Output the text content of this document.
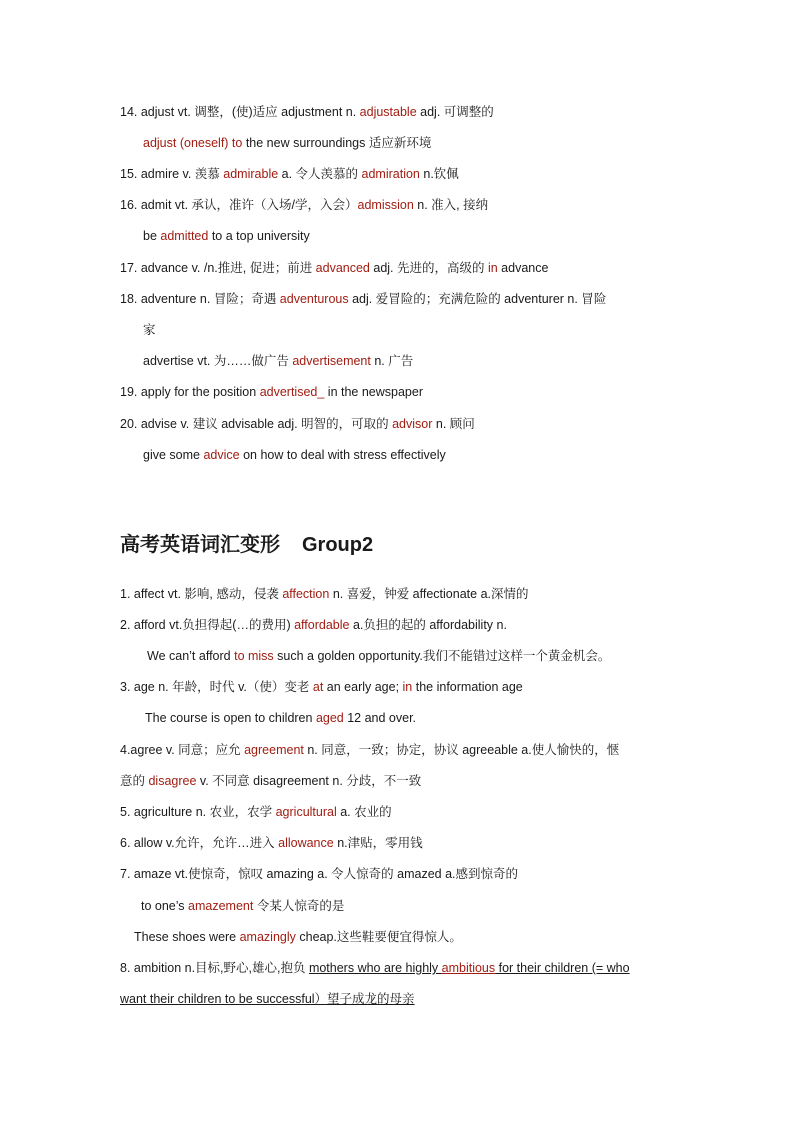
14. adjust vt. 调整，(使)适应 adjustment n. adjustable adj. 可调整的
adjust (oneself) to the new surroundings 适应新环境
15. admire v. 羡慕 admirable a. 令人羡慕的 admiration n.钦佩
16. admit vt. 承认，准许（入场/学，入会）admission n. 准入, 接纳
be admitted to a top university
17. advance v. /n.推进, 促进；前进 advanced adj. 先进的，高级的 in advance
18. adventure n. 冒险；奇遇 adventurous adj. 爱冒险的；充满危险的 adventurer n. 冒险
家
advertise vt. 为……做广告 advertisement n. 广告
19. apply for the position advertised_ in the newspaper
20. advise v. 建议 advisable adj. 明智的，可取的 advisor n. 顾问
give some advice on how to deal with stress effectively
高考英语词汇变形 Group2
1. affect vt. 影响, 感动，侵袭 affection n. 喜爱，钟爱 affectionate a.深情的
2. afford vt.负担得起(…的费用) affordable a.负担的起的 affordability n.
We can’t afford to miss such a golden opportunity.我们不能错过这样一个黄金机会。
3. age n. 年龄，时代 v.（使）变老 at an early age; in the information age
The course is open to children aged 12 and over.
4.agree v. 同意；应允 agreement n. 同意，一致；协定，协议 agreeable a.使人愉快的，惬
意的 disagree v. 不同意 disagreement n. 分歧，不一致
5. agriculture n. 农业，农学 agricultural a. 农业的
6. allow v.允许，允许…进入 allowance n.津贴，零用钱
7. amaze vt.使惊奇，惊叹 amazing a. 令人惊奇的 amazed a.感到惊奇的
to one’s amazement 令某人惊奇的是
These shoes were amazingly cheap.这些鞋要便宜得惊人。
8. ambition n.目标,野心,雄心,抱负 mothers who are highly ambitious for their children (= who
want their children to be successful）望子成龙的母亲
